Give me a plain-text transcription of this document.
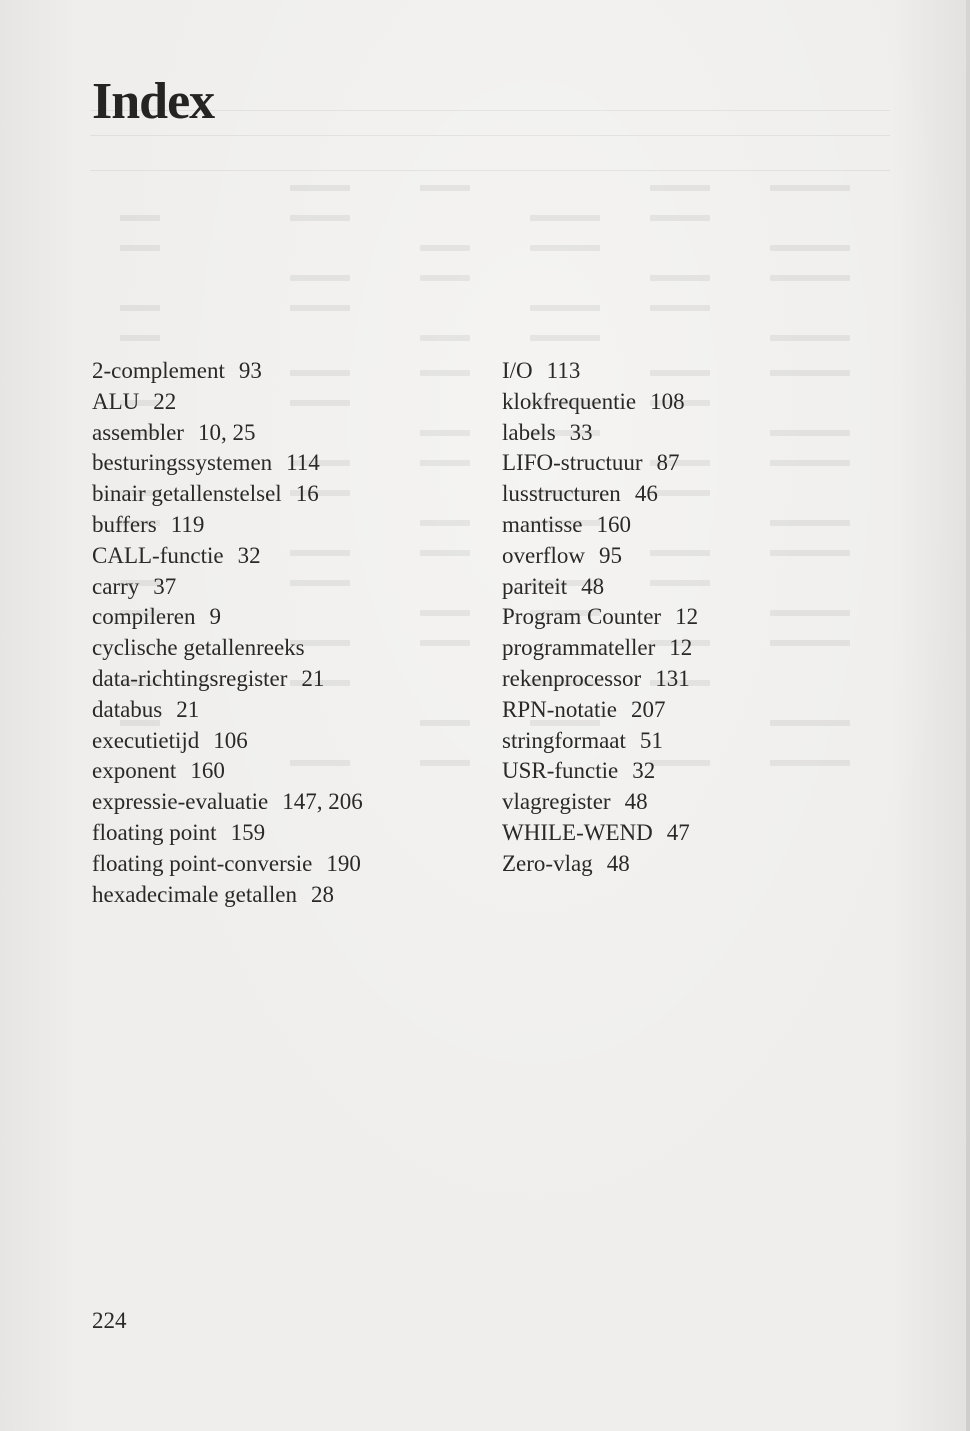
Index
2-complement 93
ALU 22
assembler 10, 25
besturingssystemen 114
binair getallenstelsel 16
buffers 119
CALL-functie 32
carry 37
compileren 9
cyclische getallenreeks
data-richtingsregister 21
databus 21
executietijd 106
exponent 160
expressie-evaluatie 147, 206
floating point 159
floating point-conversie 190
hexadecimale getallen 28
I/O 113
klokfrequentie 108
labels 33
LIFO-structuur 87
lusstructuren 46
mantisse 160
overflow 95
pariteit 48
Program Counter 12
programmateller 12
rekenprocessor 131
RPN-notatie 207
stringformaat 51
USR-functie 32
vlagregister 48
WHILE-WEND 47
Zero-vlag 48
224
